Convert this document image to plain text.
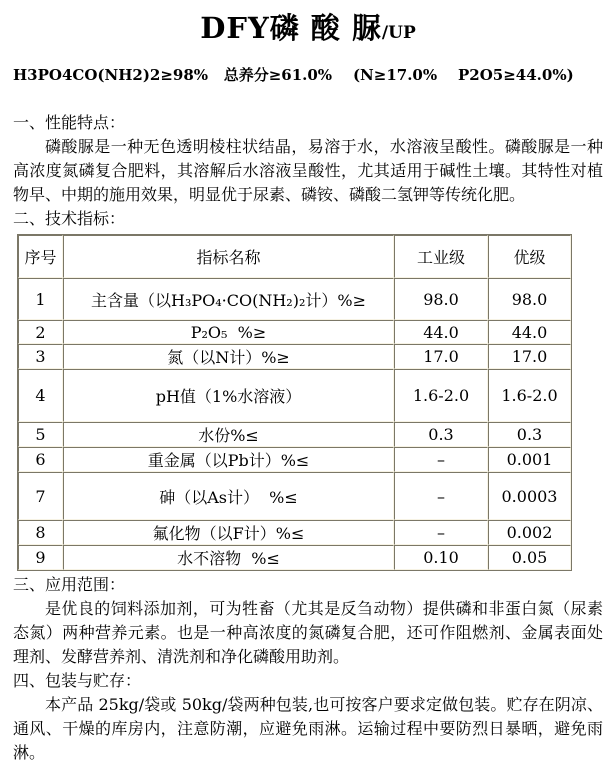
DFY磷 酸 脲/UP
H3PO4CO(NH2)2≥98%   总养分≥61.0%    (N≥17.0%    P2O5≥44.0%)
一、性能特点：

磷酸脲是一种无色透明棱柱状结晶，易溶于水，水溶液呈酸性。磷酸脲是一种高浓度氮磷复合肥料，其溶解后水溶液呈酸性，尤其适用于碱性土壤。其特性对植物早、中期的施用效果，明显优于尿素、磷铵、磷酸二氢钾等传统化肥。

二、技术指标：
序号	指标名称	工业级	优级
1	主含量（以H₃PO₄·CO(NH₂)₂计）%≥	98.0	98.0
2	P₂O₅  %≥	44.0	44.0
3	氮（以N计）%≥	17.0	17.0
4	pH值（1%水溶液）	1.6-2.0	1.6-2.0
5	水份%≤	0.3	0.3
6	重金属（以Pb计）%≤	–	0.001
7	砷（以As计）  %≤	–	0.0003
8	氟化物（以F计）%≤	–	0.002
9	水不溶物  %≤	0.10	0.05
三、应用范围：

是优良的饲料添加剂，可为牲畜（尤其是反刍动物）提供磷和非蛋白氮（尿素态氮）两种营养元素。也是一种高浓度的氮磷复合肥，还可作阻燃剂、金属表面处理剂、发酵营养剂、清洗剂和净化磷酸用助剂。

四、包装与贮存：

本产品 25kg/袋或 50kg/袋两种包装,也可按客户要求定做包装。贮存在阴凉、通风、干燥的库房内，注意防潮，应避免雨淋。运输过程中要防烈日暴晒，避免雨淋。
